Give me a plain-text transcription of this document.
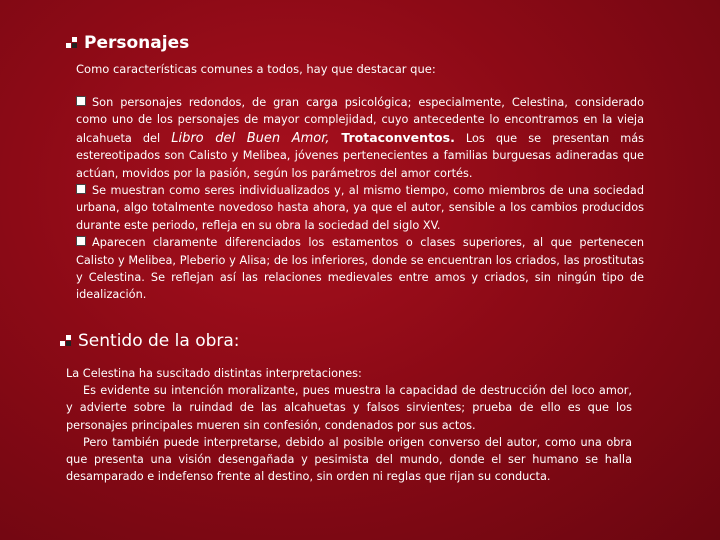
Personajes
Como características comunes a todos, hay que destacar que:
Son personajes redondos, de gran carga psicológica; especialmente, Celestina, considerado como uno de los personajes de mayor complejidad, cuyo antecedente lo encontramos en la vieja alcahueta del Libro del Buen Amor, Trotaconventos. Los que se presentan más estereotipados son Calisto y Melibea, jóvenes pertenecientes a familias burguesas adineradas que actúan, movidos por la pasión, según los parámetros del amor cortés.
Se muestran como seres individualizados y, al mismo tiempo, como miembros de una sociedad urbana, algo totalmente novedoso hasta ahora, ya que el autor, sensible a los cambios producidos durante este periodo, refleja en su obra la sociedad del siglo XV.
Aparecen claramente diferenciados los estamentos o clases superiores, al que pertenecen Calisto y Melibea, Pleberio y Alisa; de los inferiores, donde se encuentran los criados, las prostitutas y Celestina. Se reflejan así las relaciones medievales entre amos y criados, sin ningún tipo de idealización.
Sentido de la obra:

La Celestina ha suscitado distintas interpretaciones:

Es evidente su intención moralizante, pues muestra la capacidad de destrucción del loco amor, y advierte sobre la ruindad de las alcahuetas y falsos sirvientes; prueba de ello es que los personajes principales mueren sin confesión, condenados por sus actos.

Pero también puede interpretarse, debido al posible origen converso del autor, como una obra que presenta una visión desengañada y pesimista del mundo, donde el ser humano se halla desamparado e indefenso frente al destino, sin orden ni reglas que rijan su conducta.
